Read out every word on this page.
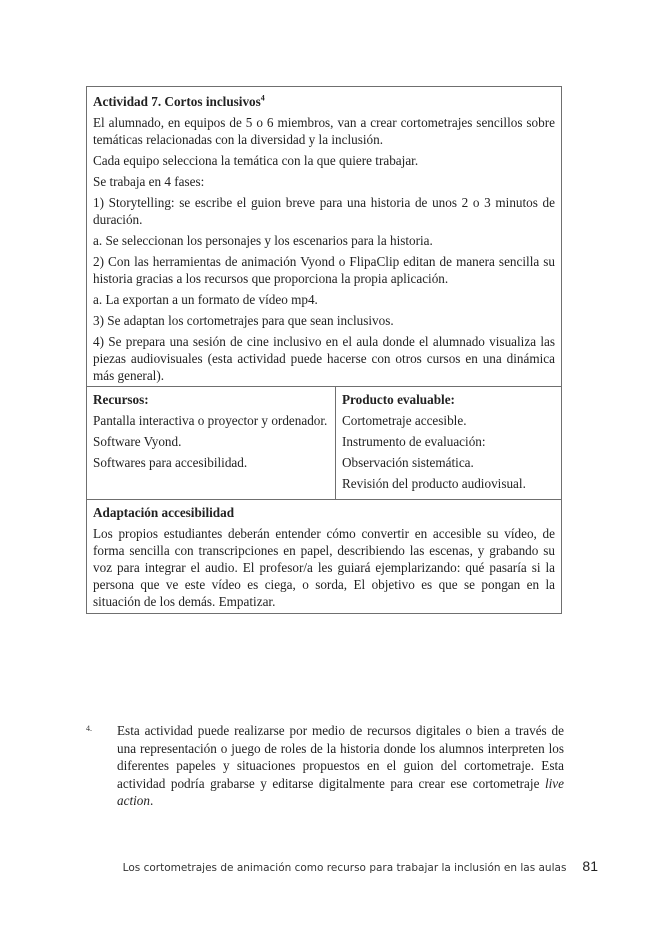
Actividad 7. Cortos inclusivos$^4$

El alumnado, en equipos de 5 o 6 miembros, van a crear cortometrajes sencillos sobre temáticas relacionadas con la diversidad y la inclusión.

Cada equipo selecciona la temática con la que quiere trabajar.

Se trabaja en 4 fases:

1) Storytelling: se escribe el guion breve para una historia de unos 2 o 3 minutos de duración.

a. Se seleccionan los personajes y los escenarios para la historia.

2) Con las herramientas de animación Vyond o FlipaClip editan de manera sencilla su historia gracias a los recursos que proporciona la propia aplicación.

a. La exportan a un formato de vídeo mp4.

3) Se adaptan los cortometrajes para que sean inclusivos.

4) Se prepara una sesión de cine inclusivo en el aula donde el alumnado visualiza las piezas audiovisuales (esta actividad puede hacerse con otros cursos en una dinámica más general).

Recursos:

Pantalla interactiva o proyector y ordenador.

Software Vyond.

Softwares para accesibilidad.

Producto evaluable:

Cortometraje accesible.

Instrumento de evaluación:

Observación sistemática.

Revisión del producto audiovisual.

Adaptación accesibilidad

Los propios estudiantes deberán entender cómo convertir en accesible su vídeo, de forma sencilla con transcripciones en papel, describiendo las escenas, y grabando su voz para integrar el audio. El profesor/a les guiará ejemplarizando: qué pasaría si la persona que ve este vídeo es ciega, o sorda, El objetivo es que se pongan en la situación de los demás. Empatizar.

4. Esta actividad puede realizarse por medio de recursos digitales o bien a través de una representación o juego de roles de la historia donde los alumnos interpreten los diferentes papeles y situaciones propuestos en el guion del cortometraje. Esta actividad podría grabarse y editarse digitalmente para crear ese cortometraje live action.
Los cortometrajes de animación como recurso para trabajar la inclusión en las aulas 81
